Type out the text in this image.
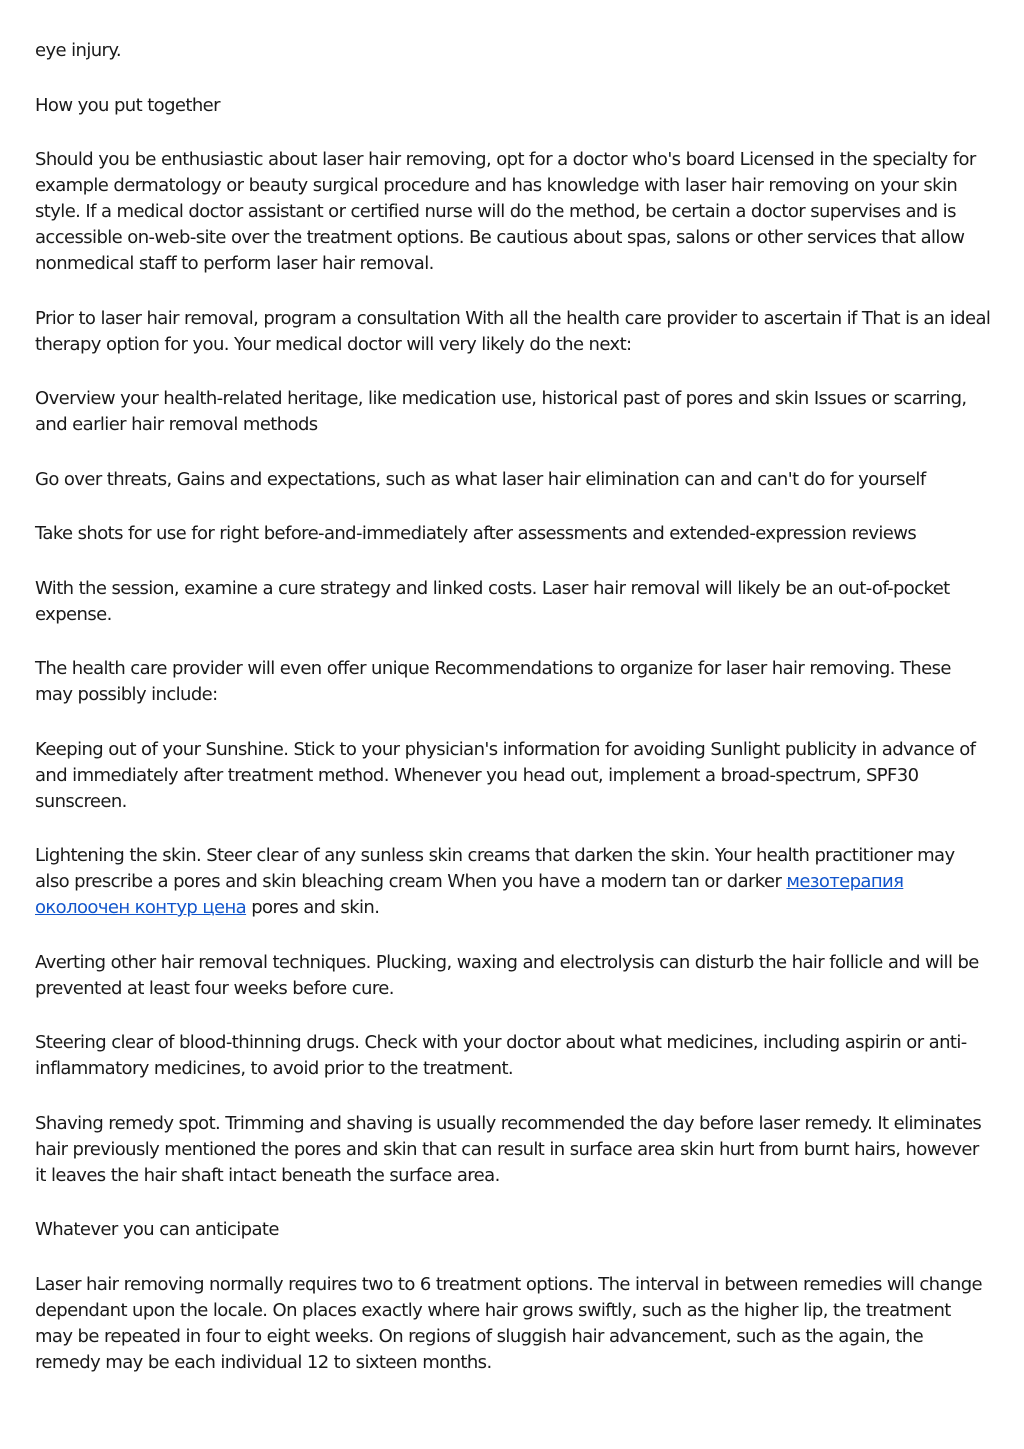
eye injury.

How you put together

Should you be enthusiastic about laser hair removing, opt for a doctor who's board Licensed in the specialty for example dermatology or beauty surgical procedure and has knowledge with laser hair removing on your skin style. If a medical doctor assistant or certified nurse will do the method, be certain a doctor supervises and is accessible on-web-site over the treatment options. Be cautious about spas, salons or other services that allow nonmedical staff to perform laser hair removal.

Prior to laser hair removal, program a consultation With all the health care provider to ascertain if That is an ideal therapy option for you. Your medical doctor will very likely do the next:

Overview your health-related heritage, like medication use, historical past of pores and skin Issues or scarring, and earlier hair removal methods

Go over threats, Gains and expectations, such as what laser hair elimination can and can't do for yourself

Take shots for use for right before-and-immediately after assessments and extended-expression reviews

With the session, examine a cure strategy and linked costs. Laser hair removal will likely be an out-of-pocket expense.

The health care provider will even offer unique Recommendations to organize for laser hair removing. These may possibly include:

Keeping out of your Sunshine. Stick to your physician's information for avoiding Sunlight publicity in advance of and immediately after treatment method. Whenever you head out, implement a broad-spectrum, SPF30 sunscreen.

Lightening the skin. Steer clear of any sunless skin creams that darken the skin. Your health practitioner may also prescribe a pores and skin bleaching cream When you have a modern tan or darker мезотерапия околоочен контур цена pores and skin.

Averting other hair removal techniques. Plucking, waxing and electrolysis can disturb the hair follicle and will be prevented at least four weeks before cure.

Steering clear of blood-thinning drugs. Check with your doctor about what medicines, including aspirin or anti-inflammatory medicines, to avoid prior to the treatment.

Shaving remedy spot. Trimming and shaving is usually recommended the day before laser remedy. It eliminates hair previously mentioned the pores and skin that can result in surface area skin hurt from burnt hairs, however it leaves the hair shaft intact beneath the surface area.

Whatever you can anticipate

Laser hair removing normally requires two to 6 treatment options. The interval in between remedies will change dependant upon the locale. On places exactly where hair grows swiftly, such as the higher lip, the treatment may be repeated in four to eight weeks. On regions of sluggish hair advancement, such as the again, the remedy may be each individual 12 to sixteen months.
